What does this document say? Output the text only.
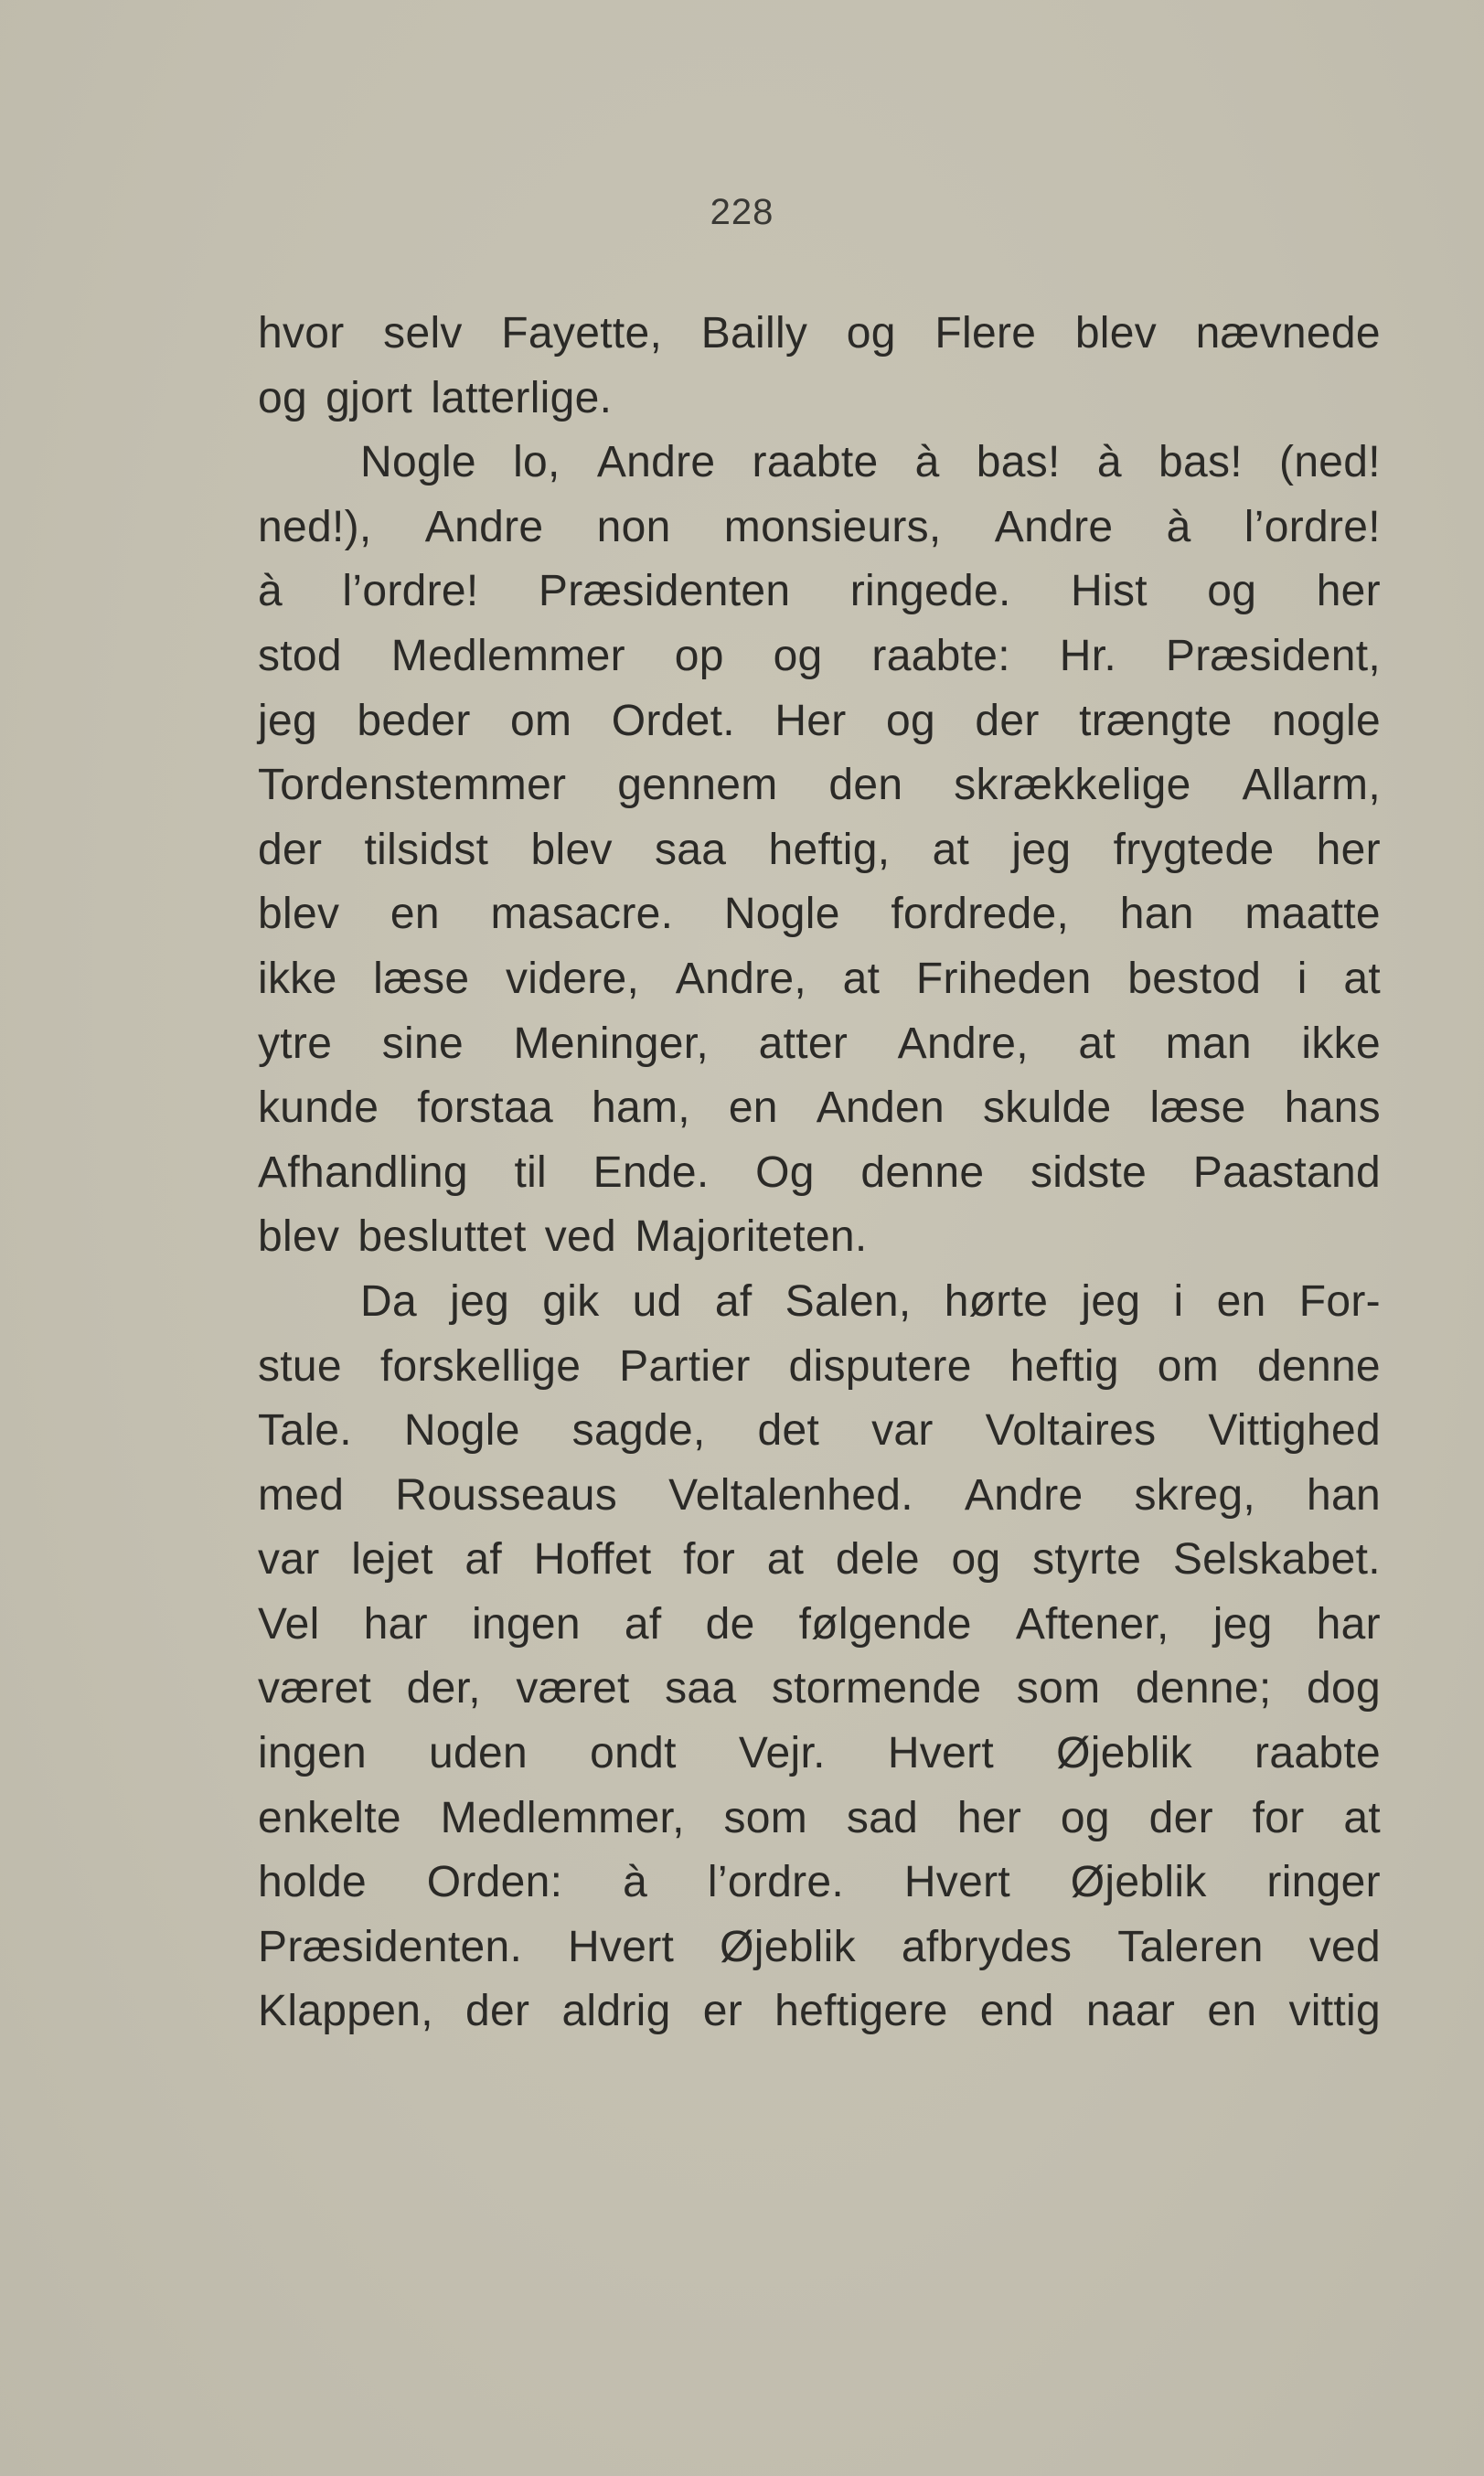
228
hvor selv Fayette, Bailly og Flere blev nævnede
og gjort latterlige.
Nogle lo, Andre raabte à bas! à bas! (ned!
ned!), Andre non monsieurs, Andre à l’ordre!
à l’ordre! Præsidenten ringede. Hist og her
stod Medlemmer op og raabte: Hr. Præsident,
jeg beder om Ordet. Her og der trængte nogle
Tordenstemmer gennem den skrækkelige Allarm,
der tilsidst blev saa heftig, at jeg frygtede her
blev en masacre. Nogle fordrede, han maatte
ikke læse videre, Andre, at Friheden bestod i at
ytre sine Meninger, atter Andre, at man ikke
kunde forstaa ham, en Anden skulde læse hans
Afhandling til Ende. Og denne sidste Paastand
blev besluttet ved Majoriteten.
Da jeg gik ud af Salen, hørte jeg i en For-
stue forskellige Partier disputere heftig om denne
Tale. Nogle sagde, det var Voltaires Vittighed
med Rousseaus Veltalenhed. Andre skreg, han
var lejet af Hoffet for at dele og styrte Selskabet.
Vel har ingen af de følgende Aftener, jeg har
været der, været saa stormende som denne; dog
ingen uden ondt Vejr. Hvert Øjeblik raabte
enkelte Medlemmer, som sad her og der for at
holde Orden: à l’ordre. Hvert Øjeblik ringer
Præsidenten. Hvert Øjeblik afbrydes Taleren ved
Klappen, der aldrig er heftigere end naar en vittig
